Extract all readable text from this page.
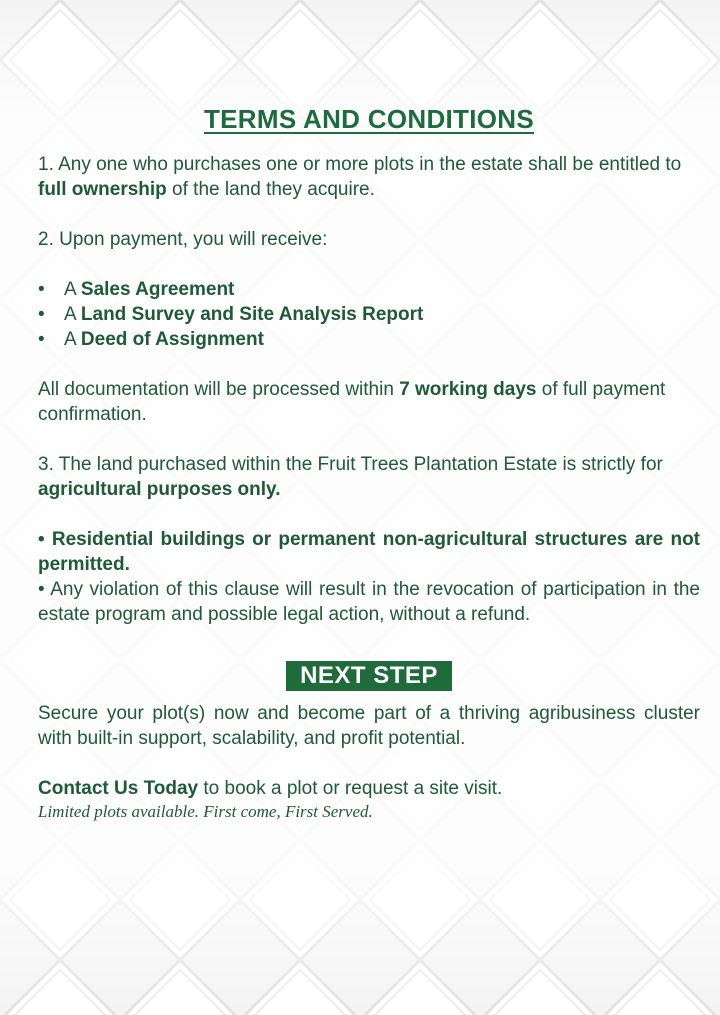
TERMS AND CONDITIONS

1. Any one who purchases one or more plots in the estate shall be entitled to full ownership of the land they acquire.

2. Upon payment, you will receive:

•	A Sales Agreement
•	A Land Survey and Site Analysis Report
•	A Deed of Assignment

All documentation will be processed within 7 working days of full payment confirmation.

3. The land purchased within the Fruit Trees Plantation Estate is strictly for agricultural purposes only.

• Residential buildings or permanent non-agricultural structures are not permitted.

• Any violation of this clause will result in the revocation of participation in the estate program and possible legal action, without a refund.

NEXT STEP

Secure your plot(s) now and become part of a thriving agribusiness cluster with built-in support, scalability, and profit potential.

Contact Us Today to book a plot or request a site visit.

Limited plots available. First come, First Served.
